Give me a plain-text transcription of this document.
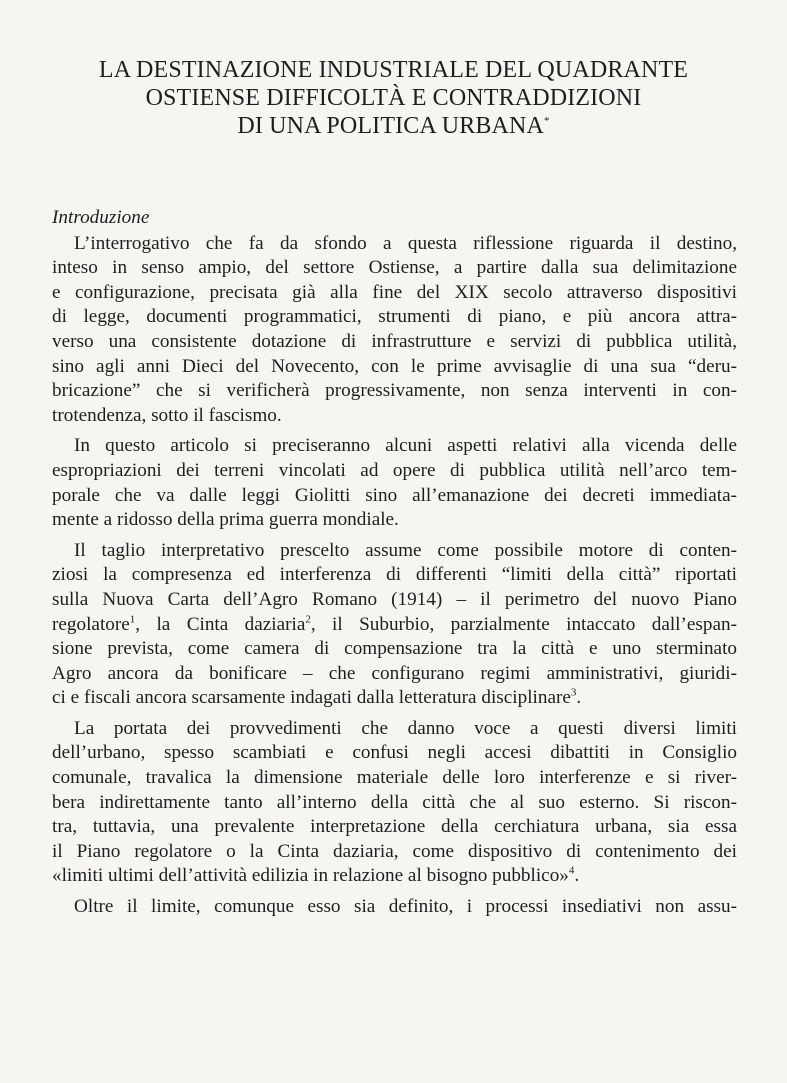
LA DESTINAZIONE INDUSTRIALE DEL QUADRANTE
OSTIENSE DIFFICOLTÀ E CONTRADDIZIONI
DI UNA POLITICA URBANA*
Introduzione
L’interrogativo che fa da sfondo a questa riflessione riguarda il destino,
inteso in senso ampio, del settore Ostiense, a partire dalla sua delimitazione
e configurazione, precisata già alla fine del XIX secolo attraverso dispositivi
di legge, documenti programmatici, strumenti di piano, e più ancora attra-
verso una consistente dotazione di infrastrutture e servizi di pubblica utilità,
sino agli anni Dieci del Novecento, con le prime avvisaglie di una sua “deru-
bricazione” che si verificherà progressivamente, non senza interventi in con-
trotendenza, sotto il fascismo.
In questo articolo si preciseranno alcuni aspetti relativi alla vicenda delle
espropriazioni dei terreni vincolati ad opere di pubblica utilità nell’arco tem-
porale che va dalle leggi Giolitti sino all’emanazione dei decreti immediata-
mente a ridosso della prima guerra mondiale.
Il taglio interpretativo prescelto assume come possibile motore di conten-
ziosi la compresenza ed interferenza di differenti “limiti della città” riportati
sulla Nuova Carta dell’Agro Romano (1914) – il perimetro del nuovo Piano
regolatore$^1$, la Cinta daziaria$^2$, il Suburbio, parzialmente intaccato dall’espan-
sione prevista, come camera di compensazione tra la città e uno sterminato
Agro ancora da bonificare – che configurano regimi amministrativi, giuridi-
ci e fiscali ancora scarsamente indagati dalla letteratura disciplinare$^3$.
La portata dei provvedimenti che danno voce a questi diversi limiti
dell’urbano, spesso scambiati e confusi negli accesi dibattiti in Consiglio
comunale, travalica la dimensione materiale delle loro interferenze e si river-
bera indirettamente tanto all’interno della città che al suo esterno. Si riscon-
tra, tuttavia, una prevalente interpretazione della cerchiatura urbana, sia essa
il Piano regolatore o la Cinta daziaria, come dispositivo di contenimento dei
«limiti ultimi dell’attività edilizia in relazione al bisogno pubblico»$^4$.
Oltre il limite, comunque esso sia definito, i processi insediativi non assu-
